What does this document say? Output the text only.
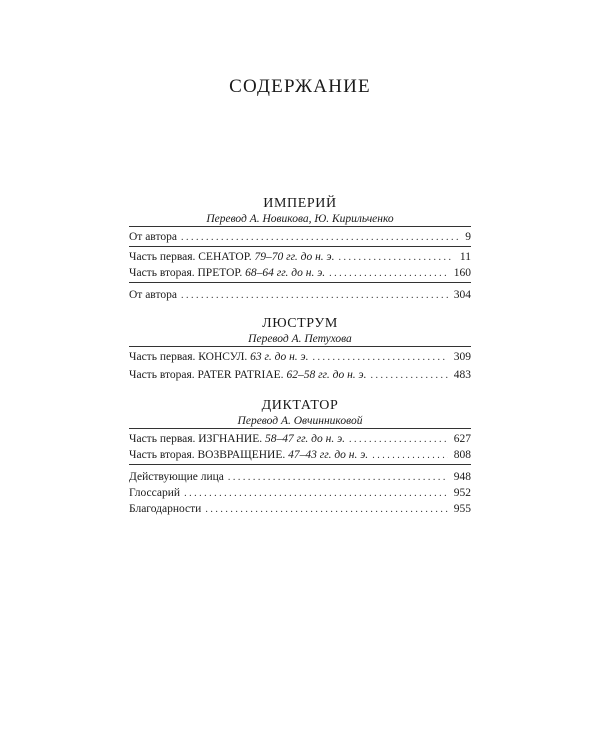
СОДЕРЖАНИЕ
ИМПЕРИЙ
Перевод А. Новикова, Ю. Кирильченко
От автора . . .	9
Часть первая. СЕНАТОР. 79–70 гг. до н. э. . . .	11
Часть вторая. ПРЕТОР. 68–64 гг. до н. э. . . .	160
От автора . . .	304
ЛЮСТРУМ
Перевод А. Петухова
Часть первая. КОНСУЛ. 63 г. до н. э. . . .	309
Часть вторая. PATER PATRIAE. 62–58 гг. до н. э. . . .	483
ДИКТАТОР
Перевод А. Овчинниковой
Часть первая. ИЗГНАНИЕ. 58–47 гг. до н. э. . . .	627
Часть вторая. ВОЗВРАЩЕНИЕ. 47–43 гг. до н. э. . . .	808
Действующие лица . . .	948
Глоссарий . . .	952
Благодарности . . .	955
